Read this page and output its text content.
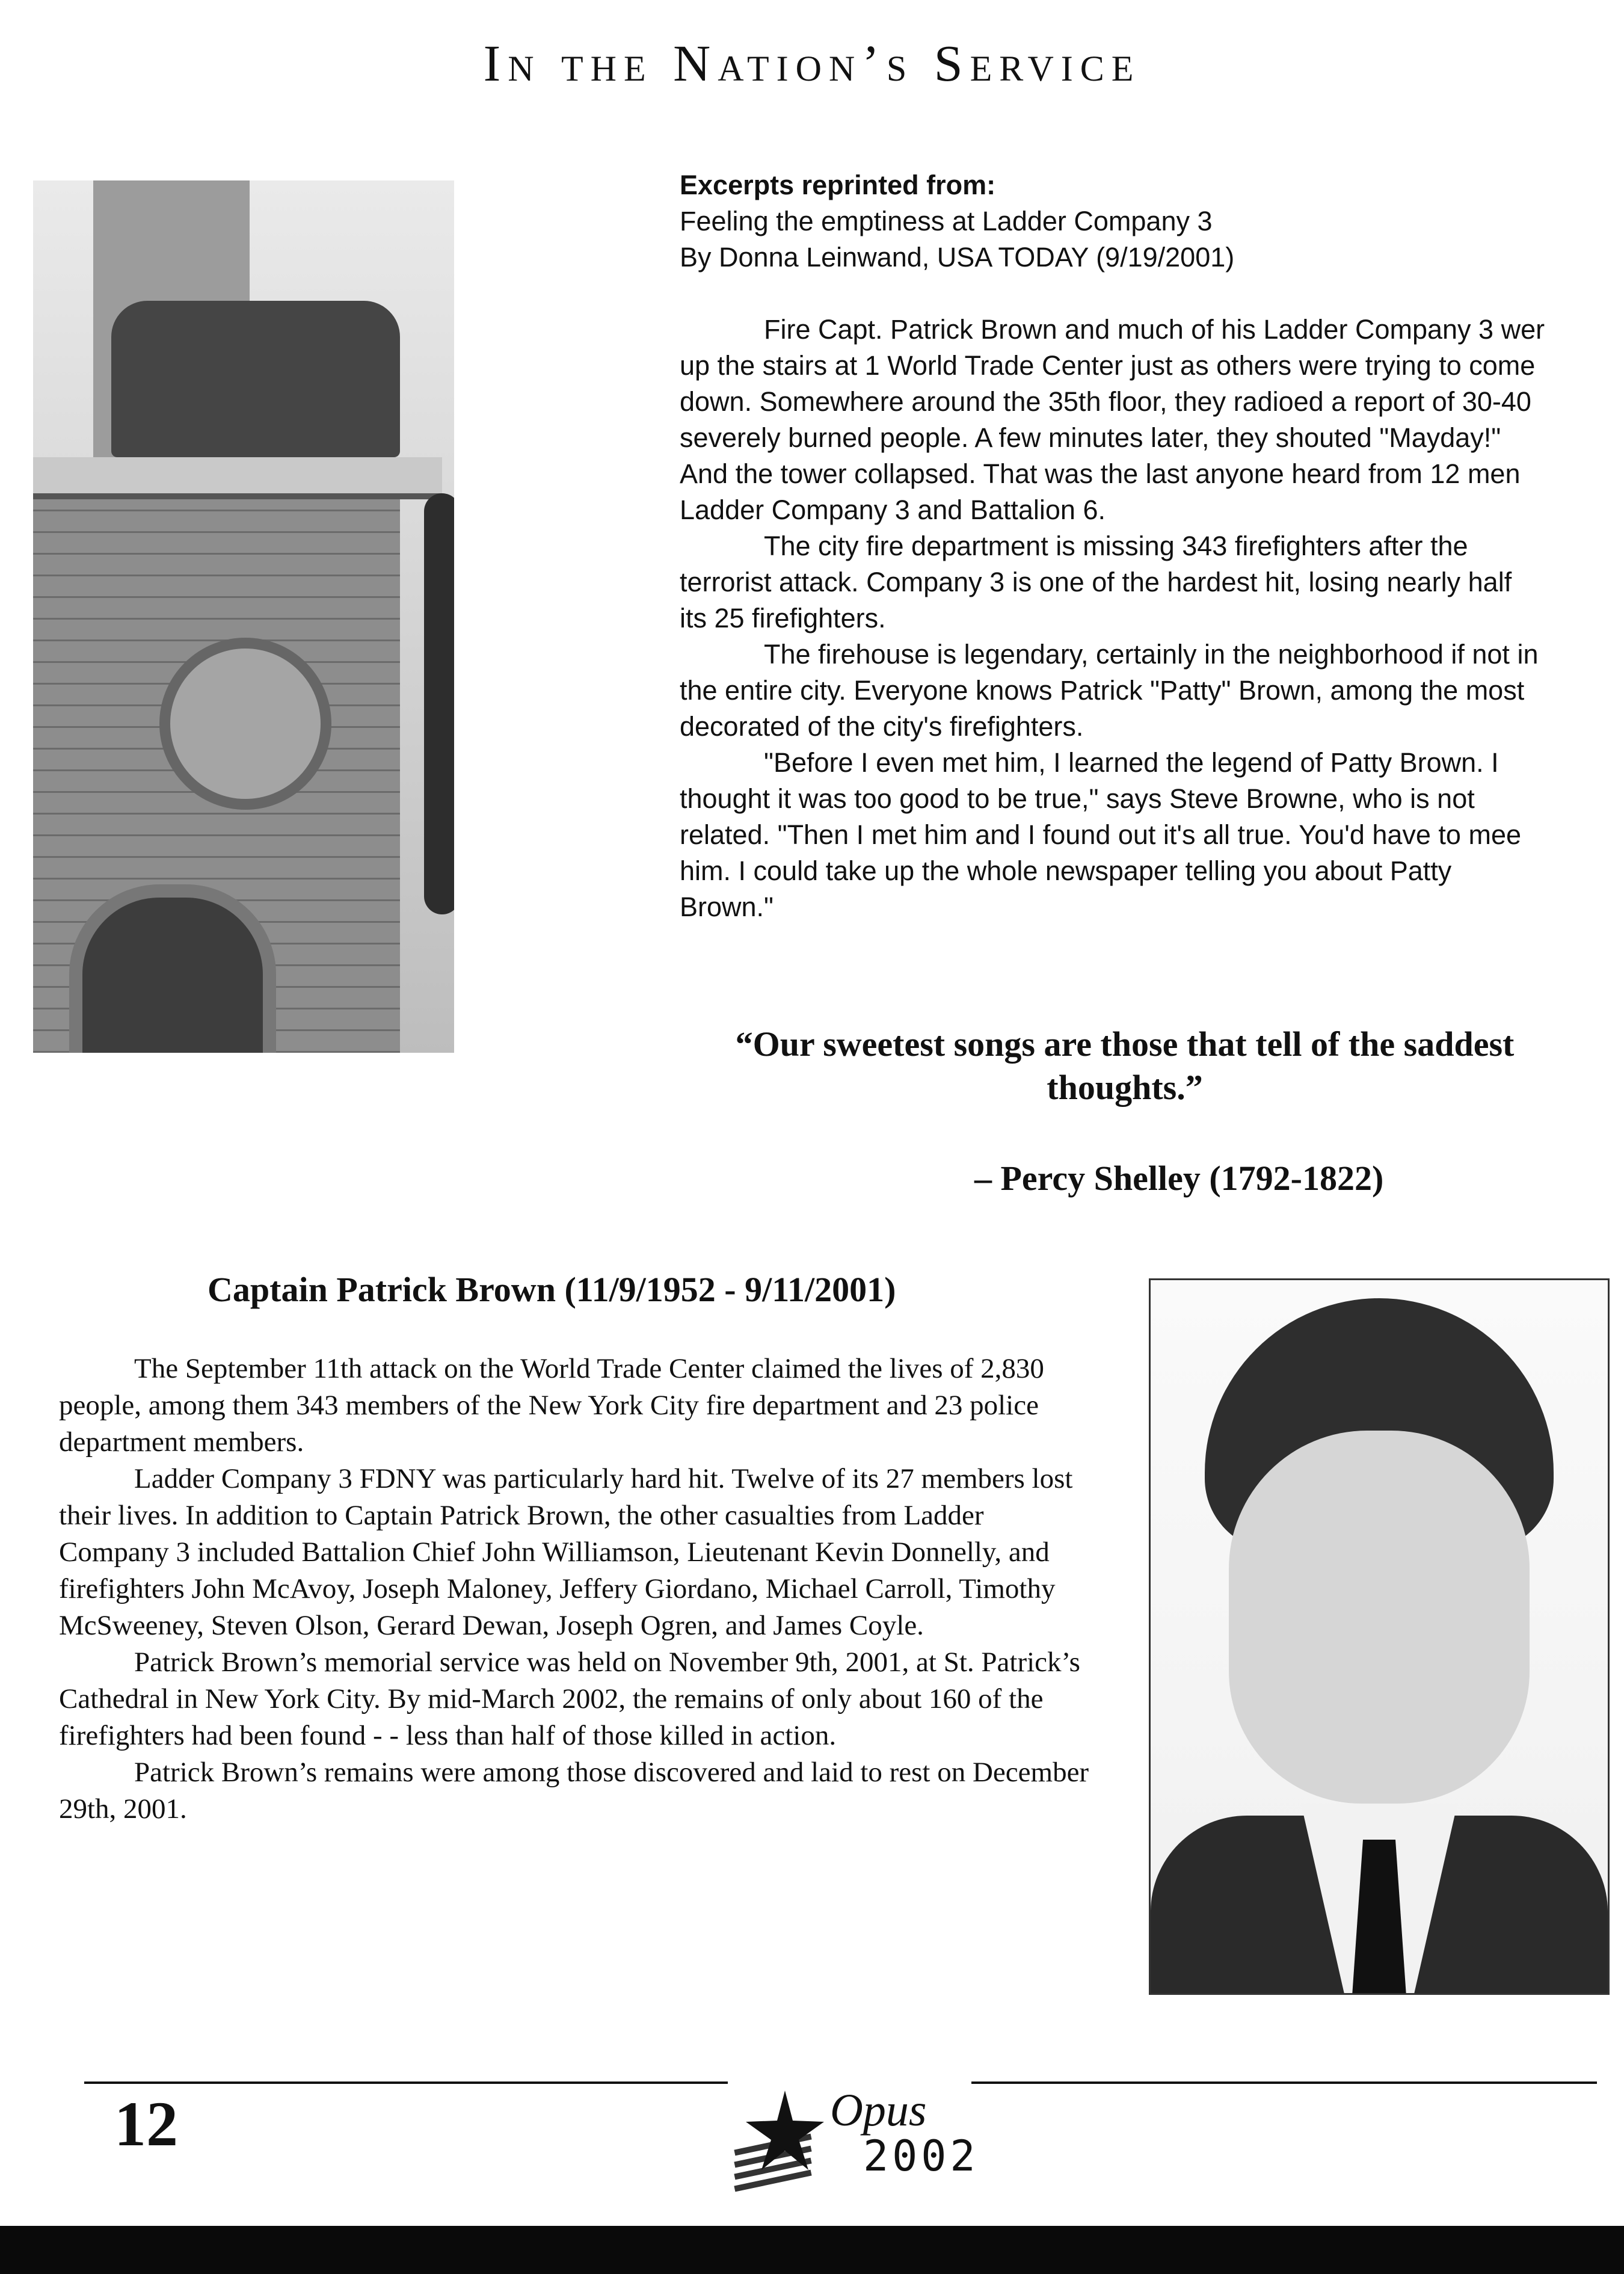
In the Nation’s Service
Excerpts reprinted from:
Feeling the emptiness at Ladder Company 3
By Donna Leinwand, USA TODAY (9/19/2001)

Fire Capt. Patrick Brown and much of his Ladder Company 3 wer
up the stairs at 1 World Trade Center just as others were trying to come
down. Somewhere around the 35th floor, they radioed a report of 30-40
severely burned people. A few minutes later, they shouted "Mayday!"
And the tower collapsed. That was the last anyone heard from 12 men
Ladder Company 3 and Battalion 6.

The city fire department is missing 343 firefighters after the
terrorist attack. Company 3 is one of the hardest hit, losing nearly half
its 25 firefighters.

The firehouse is legendary, certainly in the neighborhood if not in
the entire city. Everyone knows Patrick "Patty" Brown, among the most
decorated of the city's firefighters.

"Before I even met him, I learned the legend of Patty Brown. I
thought it was too good to be true," says Steve Browne, who is not
related. "Then I met him and I found out it's all true. You'd have to mee
him. I could take up the whole newspaper telling you about Patty
Brown."

“Our sweetest songs are those that tell of the saddest thoughts.”
– Percy Shelley (1792-1822)
Captain Patrick Brown (11/9/1952 - 9/11/2001)

The September 11th attack on the World Trade Center claimed the lives of 2,830 people, among them 343 members of the New York City fire department and 23 police department members.

Ladder Company 3 FDNY was particularly hard hit. Twelve of its 27 members lost their lives. In addition to Captain Patrick Brown, the other casualties from Ladder Company 3 included Battalion Chief John Williamson, Lieutenant Kevin Donnelly, and firefighters John McAvoy, Joseph Maloney, Jeffery Giordano, Michael Carroll, Timothy McSweeney, Steven Olson, Gerard Dewan, Joseph Ogren, and James Coyle.

Patrick Brown’s memorial service was held on November 9th, 2001, at St. Patrick’s Cathedral in New York City. By mid-March 2002, the remains of only about 160 of the firefighters had been found - - less than half of those killed in action.

Patrick Brown’s remains were among those discovered and laid to rest on December 29th, 2001.

12	Opus
2002
